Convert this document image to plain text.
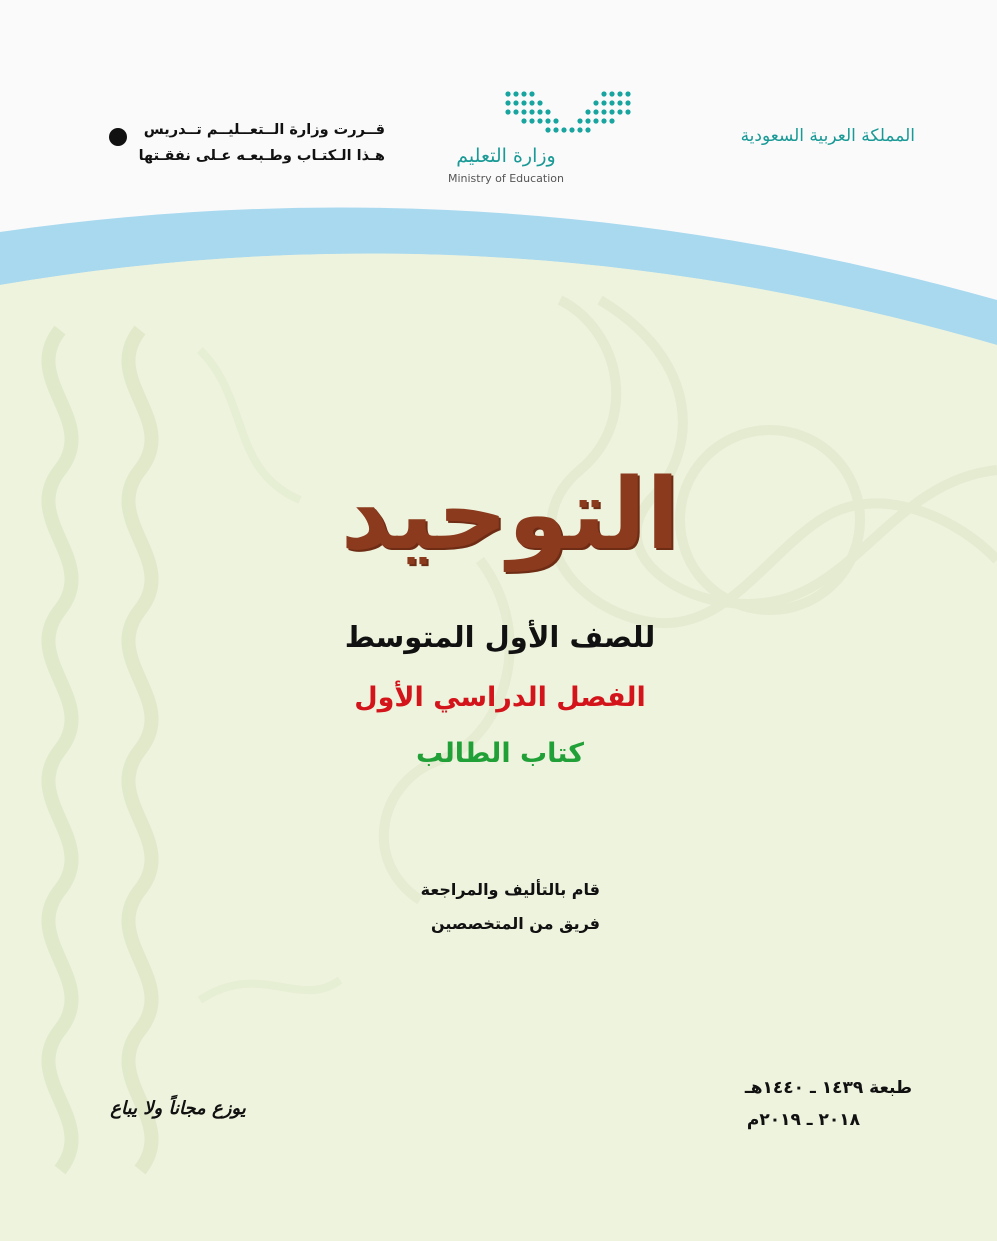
المملكة العربية السعودية
وزارة التعليم
Ministry of Education
قــررت وزارة الــتعــليــم تــدريس
هـذا الـكتـاب وطـبعـه عـلى نفقـتها
التوحيد
للصف الأول المتوسط
الفصل الدراسي الأول
كتاب الطالب
قام بالتأليف والمراجعة
فريق من المتخصصين
طبعة ١٤٣٩ ـ ١٤٤٠هـ
٢٠١٨ ـ ٢٠١٩م
يوزع مجاناً ولا يباع
